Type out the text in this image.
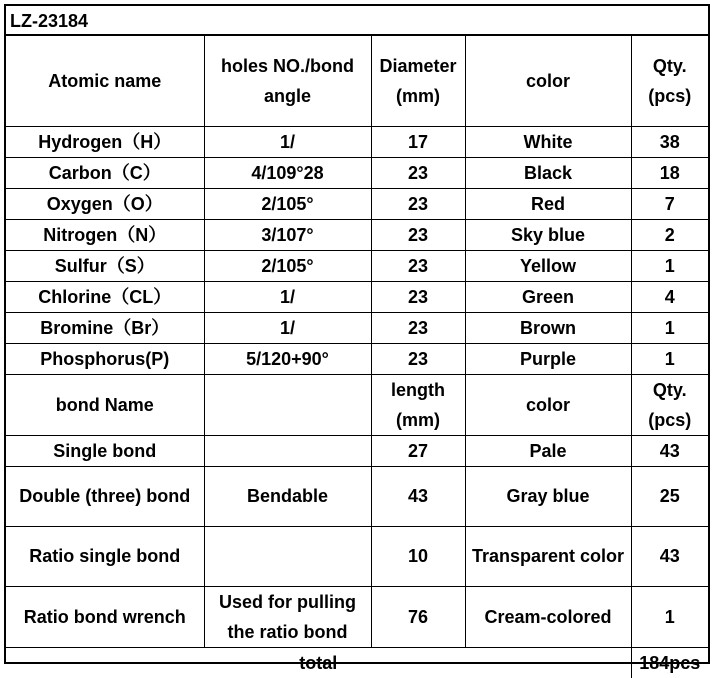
LZ-23184
Atomic name	holes NO./bond angle	Diameter (mm)	color	Qty. (pcs)
Hydrogen（H）	1/	17	White	38
Carbon（C）	4/109°28	23	Black	18
Oxygen（O）	2/105°	23	Red	7
Nitrogen（N）	3/107°	23	Sky blue	2
Sulfur（S）	2/105°	23	Yellow	1
Chlorine（CL）	1/	23	Green	4
Bromine（Br）	1/	23	Brown	1
Phosphorus(P)	5/120+90°	23	Purple	1
bond Name		length (mm)	color	Qty. (pcs)
Single bond		27	Pale	43
Double (three) bond	Bendable	43	Gray blue	25
Ratio single bond		10	Transparent color	43
Ratio bond wrench	Used for pulling the ratio bond	76	Cream-colored	1
total				184pcs
